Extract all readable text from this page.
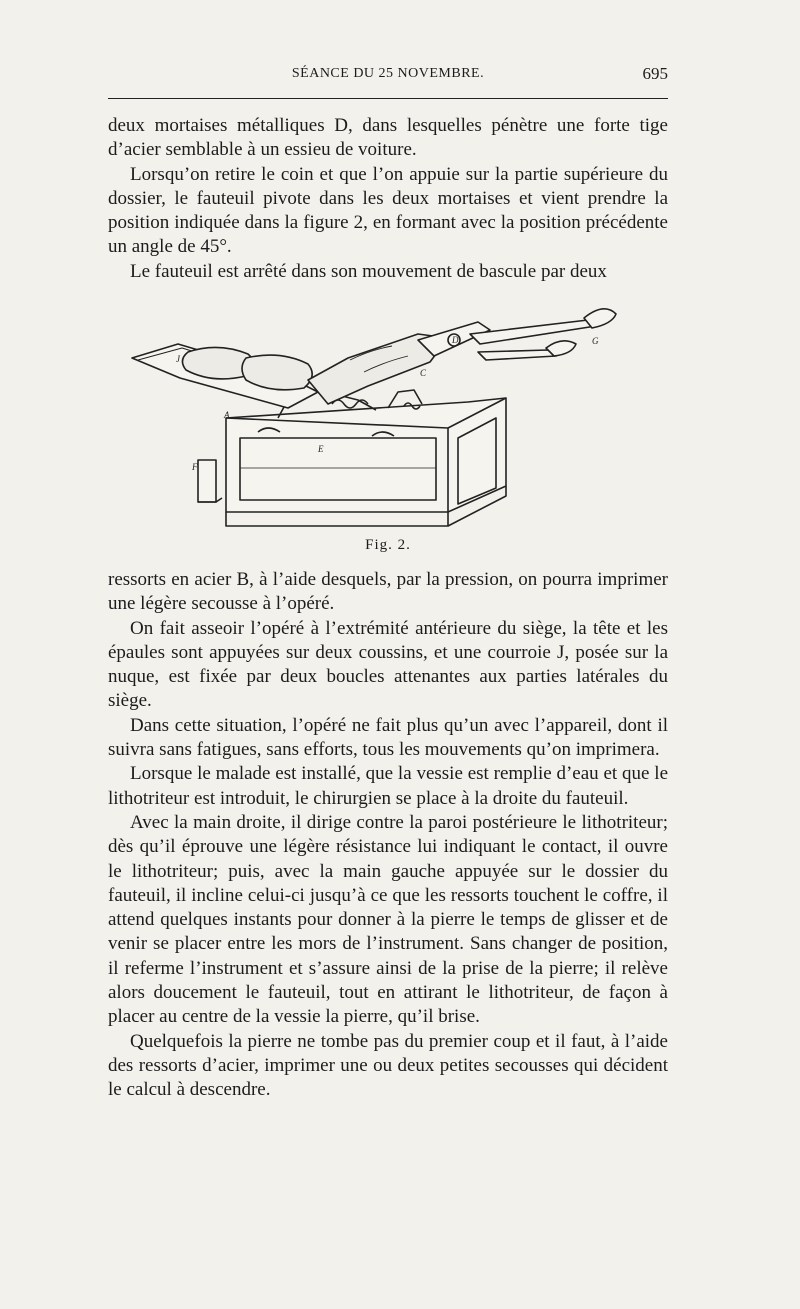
SÉANCE DU 25 NOVEMBRE.	695

deux mortaises métalliques D, dans lesquelles pénètre une forte tige d’acier semblable à un essieu de voiture.

Lorsqu’on retire le coin et que l’on appuie sur la partie supérieure du dossier, le fauteuil pivote dans les deux mortaises et vient prendre la position indiquée dans la figure 2, en formant avec la position précédente un angle de 45°.

Le fauteuil est arrêté dans son mouvement de bascule par deux

J
D
E
F
G
A
C
Fig. 2.

ressorts en acier B, à l’aide desquels, par la pression, on pourra imprimer une légère secousse à l’opéré.

On fait asseoir l’opéré à l’extrémité antérieure du siège, la tête et les épaules sont appuyées sur deux coussins, et une courroie J, posée sur la nuque, est fixée par deux boucles attenantes aux parties latérales du siège.

Dans cette situation, l’opéré ne fait plus qu’un avec l’appareil, dont il suivra sans fatigues, sans efforts, tous les mouvements qu’on imprimera.

Lorsque le malade est installé, que la vessie est remplie d’eau et que le lithotriteur est introduit, le chirurgien se place à la droite du fauteuil.

Avec la main droite, il dirige contre la paroi postérieure le lithotriteur; dès qu’il éprouve une légère résistance lui indiquant le contact, il ouvre le lithotriteur; puis, avec la main gauche appuyée sur le dossier du fauteuil, il incline celui-ci jusqu’à ce que les ressorts touchent le coffre, il attend quelques instants pour donner à la pierre le temps de glisser et de venir se placer entre les mors de l’instrument. Sans changer de position, il referme l’instrument et s’assure ainsi de la prise de la pierre; il relève alors doucement le fauteuil, tout en attirant le lithotriteur, de façon à placer au centre de la vessie la pierre, qu’il brise.

Quelquefois la pierre ne tombe pas du premier coup et il faut, à l’aide des ressorts d’acier, imprimer une ou deux petites secousses qui décident le calcul à descendre.
